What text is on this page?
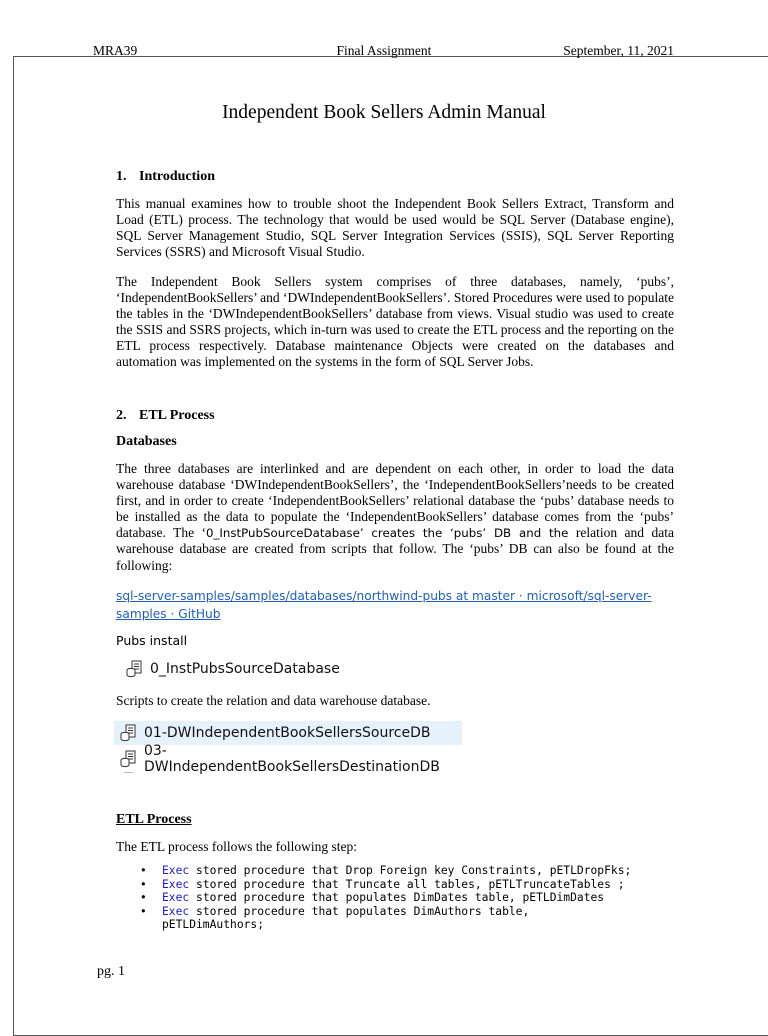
MRA39	Final Assignment	September, 11, 2021
Independent Book Sellers Admin Manual
1. Introduction
This manual examines how to trouble shoot the Independent Book Sellers Extract, Transform and Load (ETL) process. The technology that would be used would be SQL Server (Database engine), SQL Server Management Studio, SQL Server Integration Services (SSIS), SQL Server Reporting Services (SSRS) and Microsoft Visual Studio.
The Independent Book Sellers system comprises of three databases, namely, ‘pubs’, ‘IndependentBookSellers’ and ‘DWIndependentBookSellers’. Stored Procedures were used to populate the tables in the ‘DWIndependentBookSellers’ database from views. Visual studio was used to create the SSIS and SSRS projects, which in-turn was used to create the ETL process and the reporting on the ETL process respectively. Database maintenance Objects were created on the databases and automation was implemented on the systems in the form of SQL Server Jobs.
2. ETL Process
Databases
The three databases are interlinked and are dependent on each other, in order to load the data warehouse database ‘DWIndependentBookSellers’, the ‘IndependentBookSellers’needs to be created first, and in order to create ‘IndependentBookSellers’ relational database the ‘pubs’ database needs to be installed as the data to populate the ‘IndependentBookSellers’ database comes from the ‘pubs’ database. The ‘0_InstPubSourceDatabase’ creates the ‘pubs’ DB and the relation and data warehouse database are created from scripts that follow. The ‘pubs’ DB can also be found at the following:
sql-server-samples/samples/databases/northwind-pubs at master · microsoft/sql-server-samples · GitHub
Pubs install
0_InstPubsSourceDatabase
Scripts to create the relation and data warehouse database.
01-DWIndependentBookSellersSourceDB
03-DWIndependentBookSellersDestinationDB
ETL Process
The ETL process follows the following step:
• Exec stored procedure that Drop Foreign key Constraints, pETLDropFks;
• Exec stored procedure that Truncate all tables, pETLTruncateTables ;
• Exec stored procedure that populates DimDates table, pETLDimDates
• Exec stored procedure that populates DimAuthors table,
pETLDimAuthors;
pg. 1
